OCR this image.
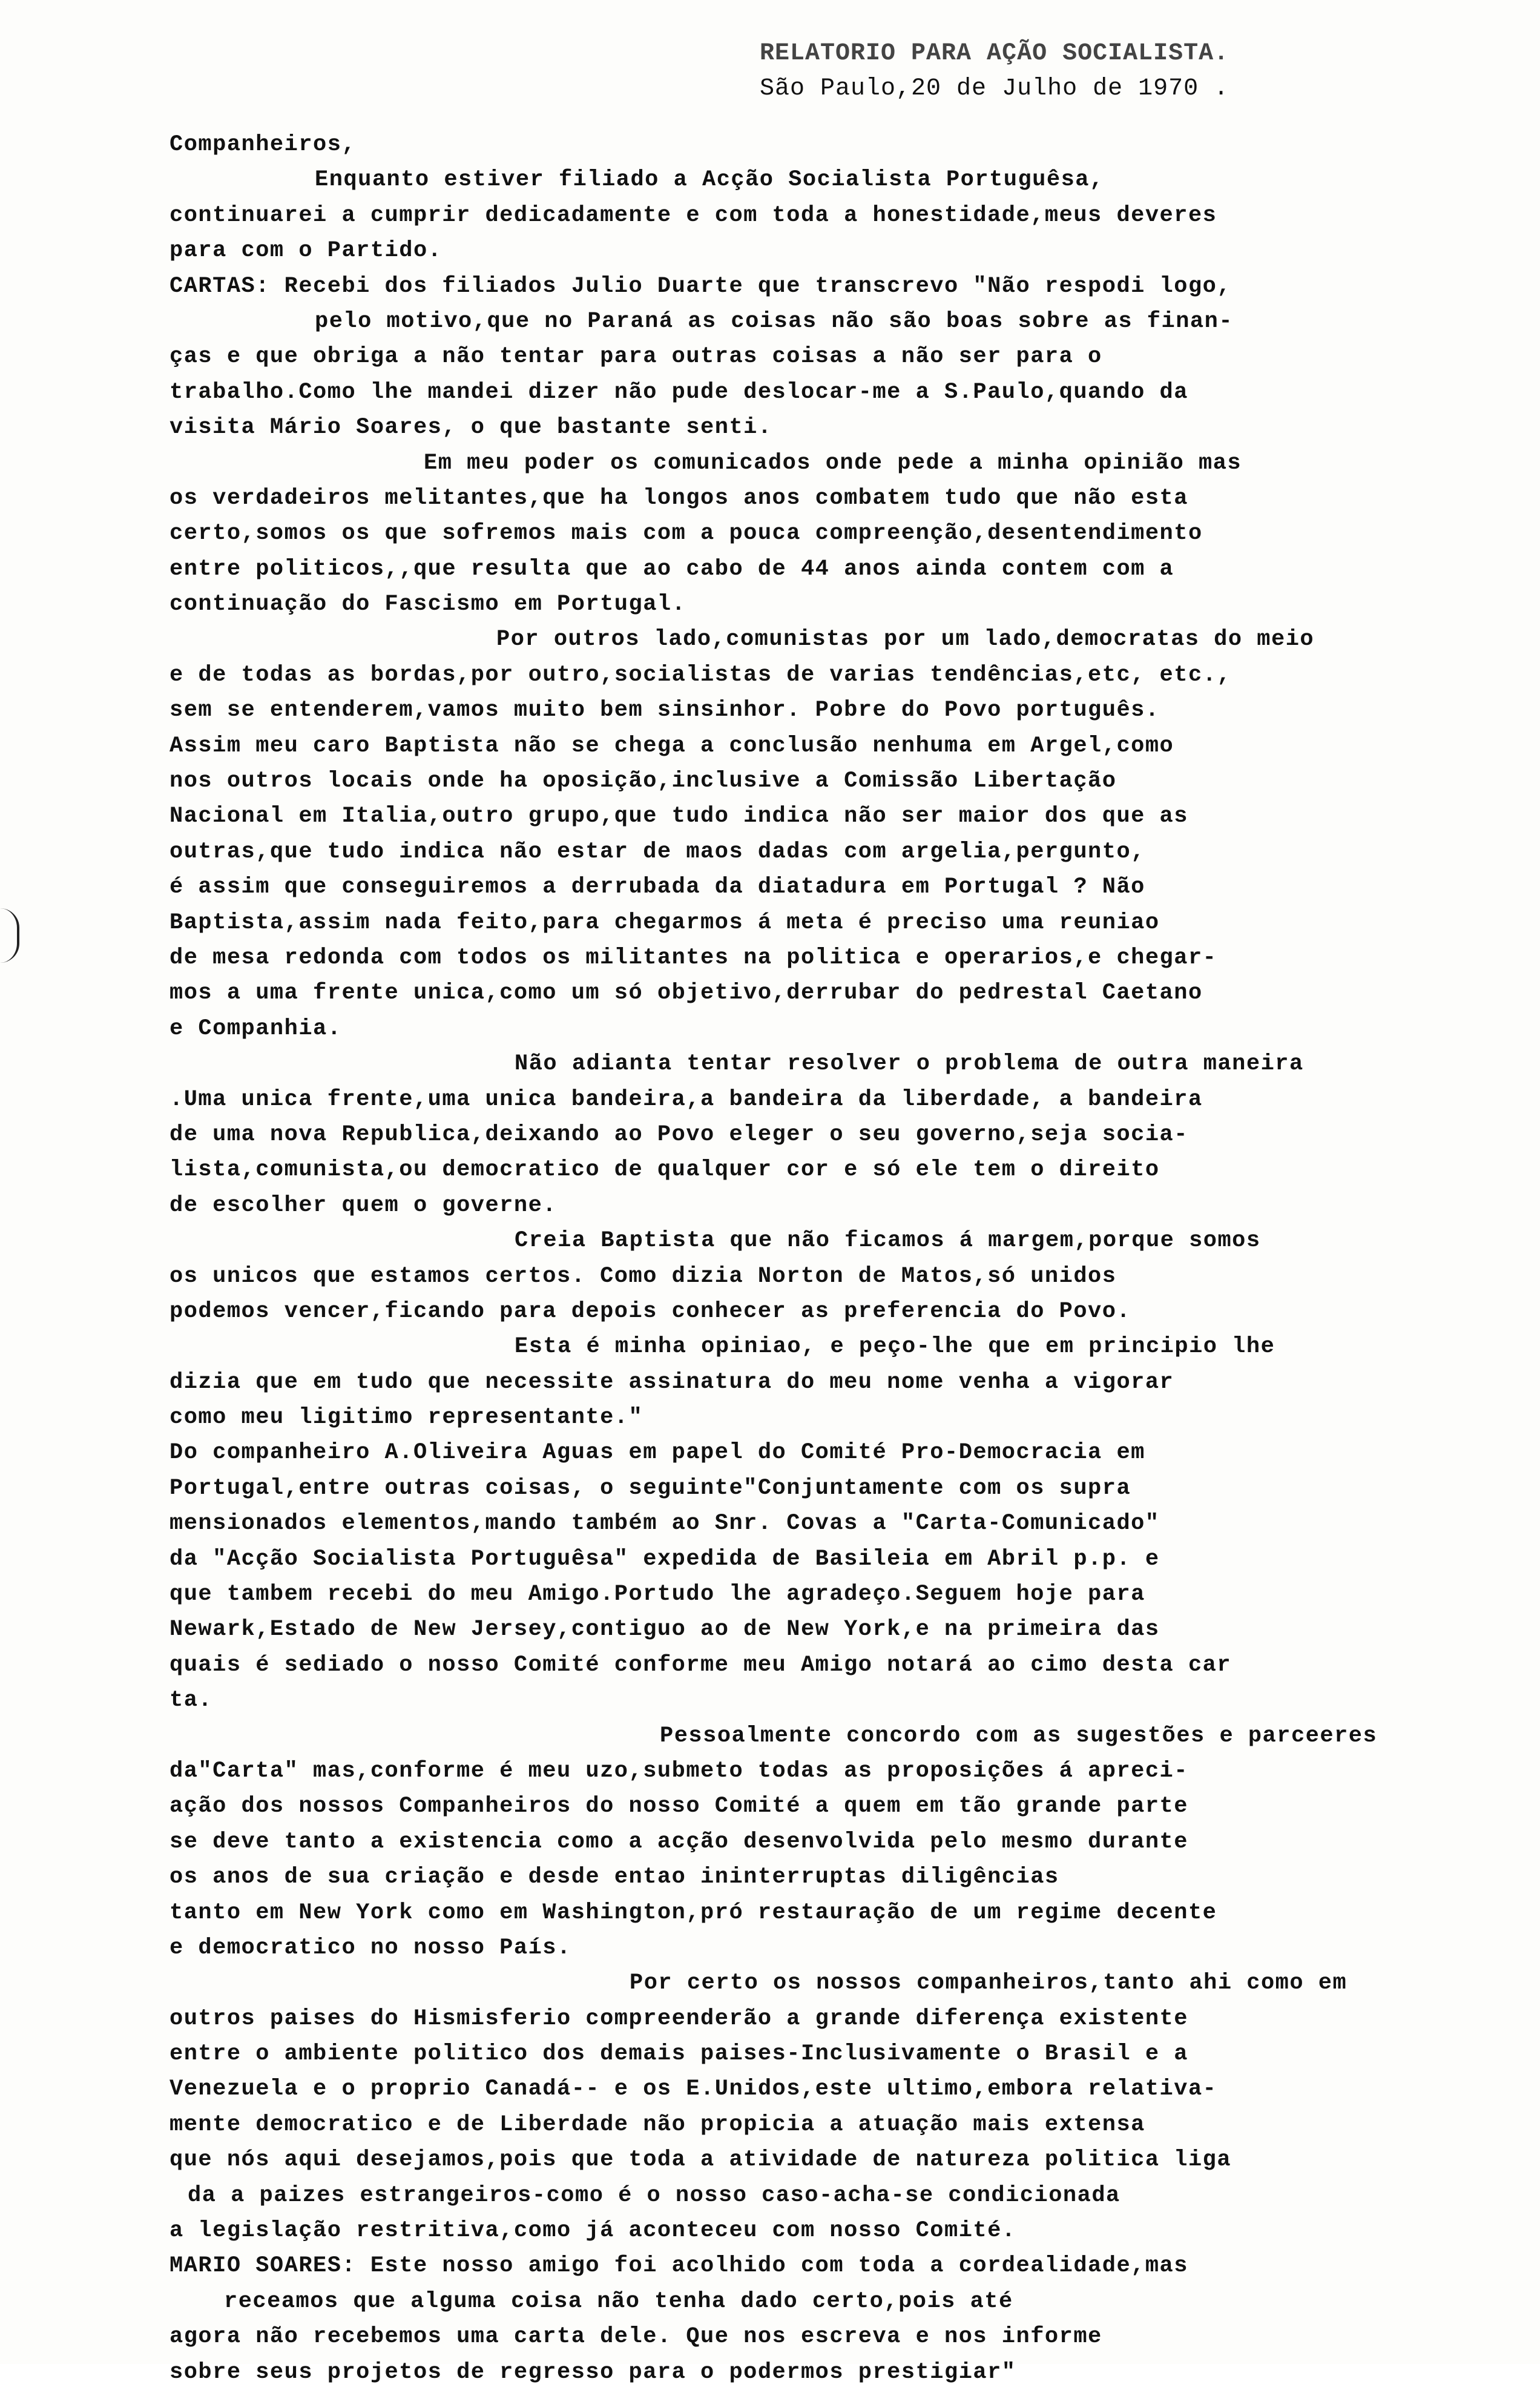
RELATORIO PARA AÇÃO SOCIALISTA.
São Paulo,20 de Julho de 1970 .
Companheiros,
Enquanto estiver filiado a Acção Socialista Portuguêsa,
continuarei a cumprir dedicadamente e com toda a honestidade,meus deveres
para com o Partido.
CARTAS: Recebi dos filiados Julio Duarte que transcrevo "Não respodi logo,
pelo motivo,que no Paraná as coisas não são boas sobre as finan-
ças e que obriga a não tentar para outras coisas a não ser para o
trabalho.Como lhe mandei dizer não pude deslocar-me a S.Paulo,quando da
visita Mário Soares, o que bastante senti.
Em meu poder os comunicados onde pede a minha opinião mas
os verdadeiros melitantes,que ha longos anos combatem tudo que não esta
certo,somos os que sofremos mais com a pouca compreenção,desentendimento
entre politicos,,que resulta que ao cabo de 44 anos ainda contem com a
continuação do Fascismo em Portugal.
Por outros lado,comunistas por um lado,democratas do meio
e de todas as bordas,por outro,socialistas de varias tendências,etc, etc.,
sem se entenderem,vamos muito bem sinsinhor. Pobre do Povo português.
Assim meu caro Baptista não se chega a conclusão nenhuma em Argel,como
nos outros locais onde ha oposição,inclusive a Comissão Libertação
Nacional em Italia,outro grupo,que tudo indica não ser maior dos que as
outras,que tudo indica não estar de maos dadas com argelia,pergunto,
é assim que conseguiremos a derrubada da diatadura em Portugal ? Não
Baptista,assim nada feito,para chegarmos á meta é preciso uma reuniao
de mesa redonda com todos os militantes na politica e operarios,e chegar-
mos a uma frente unica,como um só objetivo,derrubar do pedrestal Caetano
e Companhia.
Não adianta tentar resolver o problema de outra maneira
.Uma unica frente,uma unica bandeira,a bandeira da liberdade, a bandeira
de uma nova Republica,deixando ao Povo eleger o seu governo,seja socia-
lista,comunista,ou democratico de qualquer cor e só ele tem o direito
de escolher quem o governe.
Creia Baptista que não ficamos á margem,porque somos
os unicos que estamos certos. Como dizia Norton de Matos,só unidos
podemos vencer,ficando para depois conhecer as preferencia do Povo.
Esta é minha opiniao, e peço-lhe que em principio lhe
dizia que em tudo que necessite assinatura do meu nome venha a vigorar
como meu ligitimo representante."
Do companheiro A.Oliveira Aguas em papel do Comité Pro-Democracia em
Portugal,entre outras coisas, o seguinte"Conjuntamente com os supra
mensionados elementos,mando também ao Snr. Covas a "Carta-Comunicado"
da "Acção Socialista Portuguêsa" expedida de Basileia em Abril p.p. e
que tambem recebi do meu Amigo.Portudo lhe agradeço.Seguem hoje para
Newark,Estado de New Jersey,contiguo ao de New York,e na primeira das
quais é sediado o nosso Comité conforme meu Amigo notará ao cimo desta car
ta.
Pessoalmente concordo com as sugestões e parceeres
da"Carta" mas,conforme é meu uzo,submeto todas as proposições á apreci-
ação dos nossos Companheiros do nosso Comité a quem em tão grande parte
se deve tanto a existencia como a acção desenvolvida pelo mesmo durante
os anos de sua criação e desde entao ininterruptas diligências
tanto em New York como em Washington,pró restauração de um regime decente
e democratico no nosso País.
Por certo os nossos companheiros,tanto ahi como em
outros paises do Hismisferio compreenderão a grande diferença existente
entre o ambiente politico dos demais paises-Inclusivamente o Brasil e a
Venezuela e o proprio Canadá-- e os E.Unidos,este ultimo,embora relativa-
mente democratico e de Liberdade não propicia a atuação mais extensa
que nós aqui desejamos,pois que toda a atividade de natureza politica liga
da a paizes estrangeiros-como é o nosso caso-acha-se condicionada
a legislação restritiva,como já aconteceu com nosso Comité.
MARIO SOARES: Este nosso amigo foi acolhido com toda a cordealidade,mas
receamos que alguma coisa não tenha dado certo,pois até
agora não recebemos uma carta dele. Que nos escreva e nos informe
sobre seus projetos de regresso para o podermos prestigiar"
